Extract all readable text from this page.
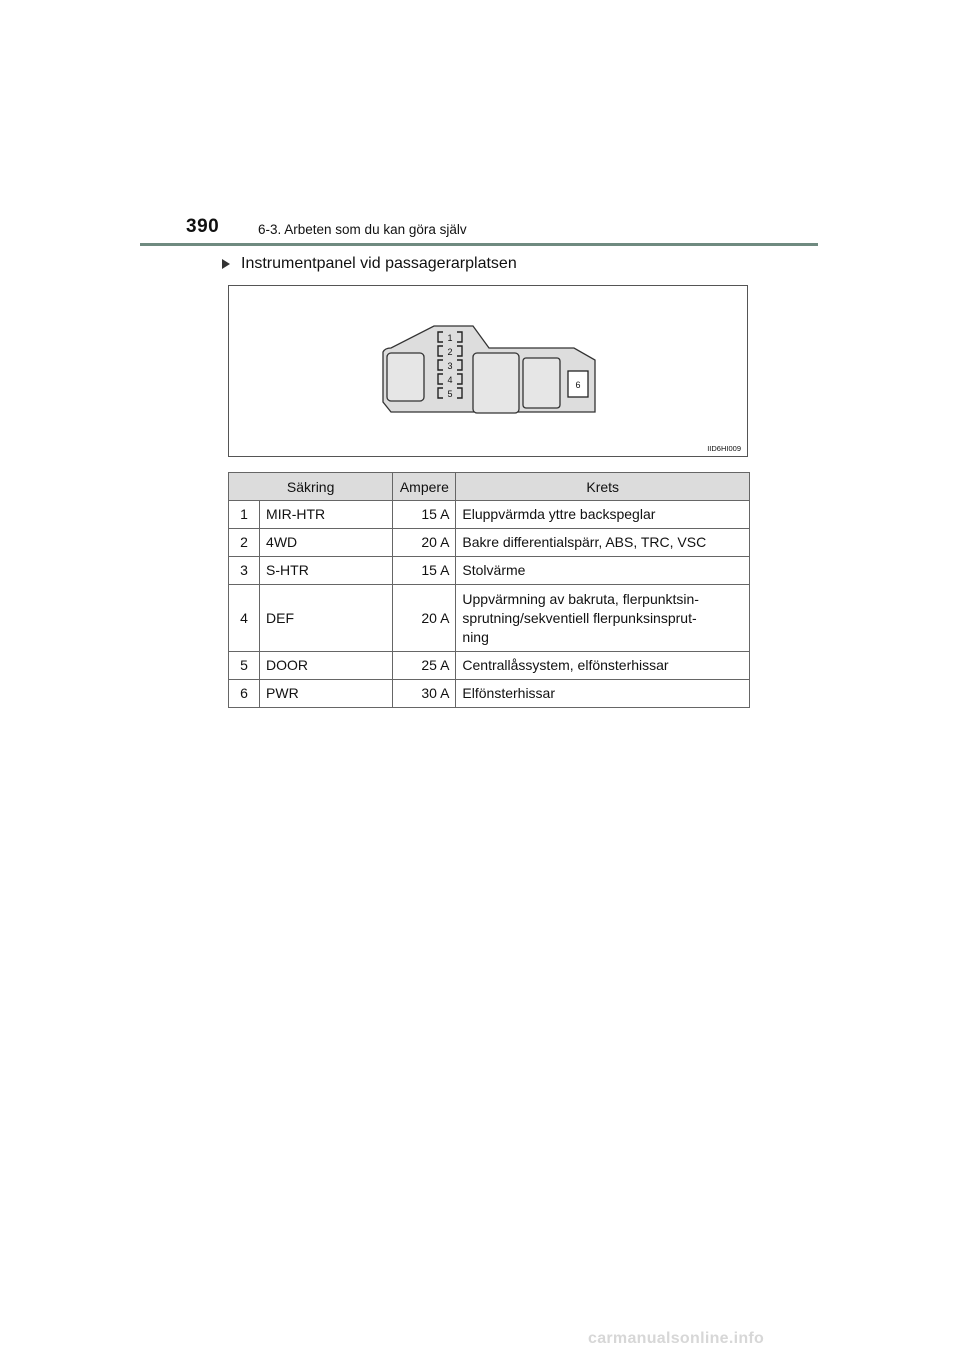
390	6-3. Arbeten som du kan göra själv
Instrumentpanel vid passagerarplatsen
1
2
3
4
5
6
IID6HI009
Säkring		Ampere	Krets
1	MIR-HTR	15 A	Eluppvärmda yttre backspeglar
2	4WD	20 A	Bakre differentialspärr, ABS, TRC, VSC
3	S-HTR	15 A	Stolvärme
4	DEF	20 A	Uppvärmning av bakruta, flerpunktsin-
sprutning/sekventiell flerpunksinsprut-
ning
5	DOOR	25 A	Centrallåssystem, elfönsterhissar
6	PWR	30 A	Elfönsterhissar
carmanualsonline.info
